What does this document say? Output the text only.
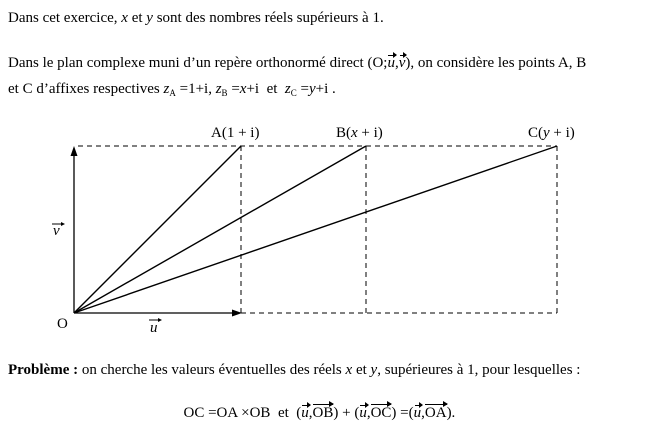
Dans cet exercice, x et y sont des nombres réels supérieurs à 1.
Dans le plan complexe muni d’un repère orthonormé direct (O;u,v), on considère les points A, B
et C d’affixes respectives $z_A =1+i$, $z_B =x+i$  et  $z_C =y+i$ .
A(1 + i)	B(x + i)	C(y + i)
O	u
v
Problème : on cherche les valeurs éventuelles des réels x et y, supérieures à 1, pour lesquelles :

OC =OA ×OB  et  (u,OB) + (u,OC) =(u,OA).
